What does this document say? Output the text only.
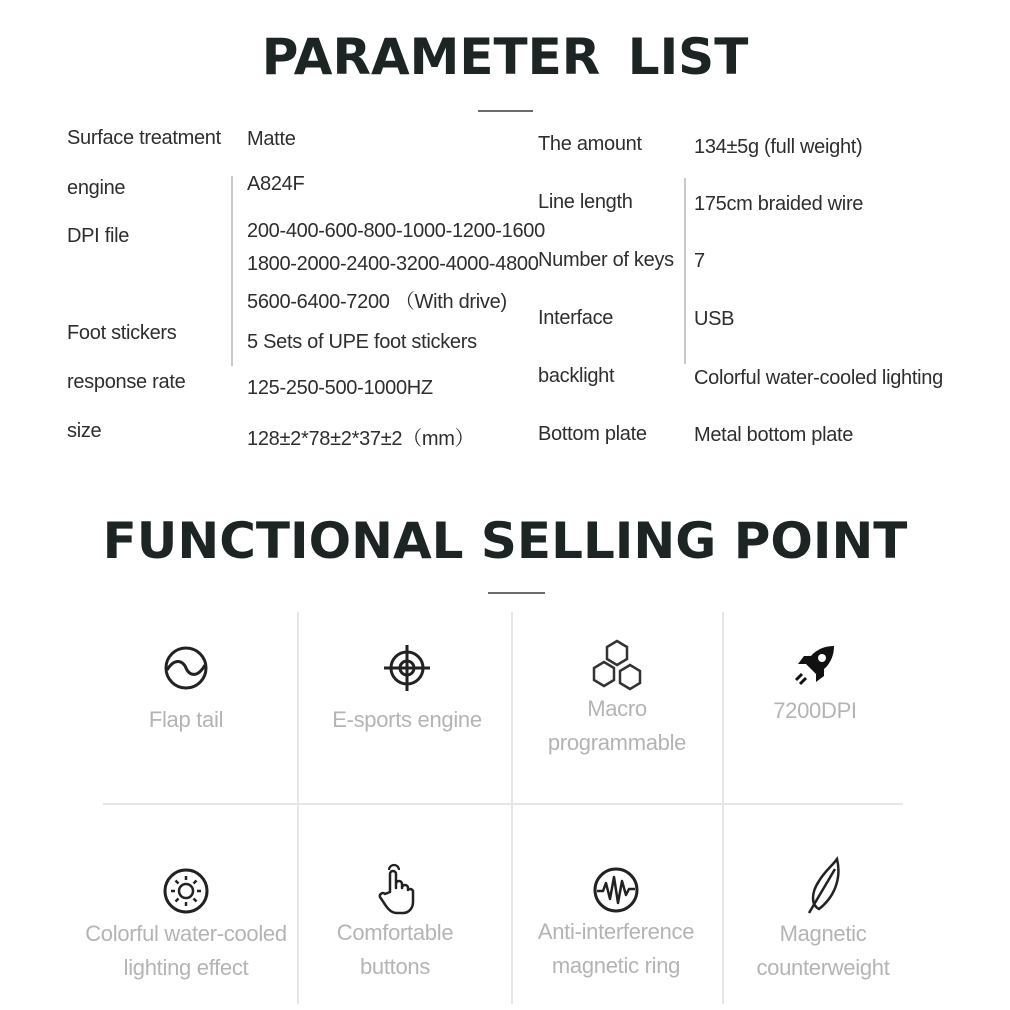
PARAMETER LIST
Surface treatment Matte
engine	A824F
DPI file	200-400-600-800-1000-1200-1600
1800-2000-2400-3200-4000-4800
5600-6400-7200 （With drive)
Foot stickers	5 Sets of UPE foot stickers
response rate	125-250-500-1000HZ
size	128±2*78±2*37±2（mm）
The amount	134±5g (full weight)
Line length	175cm braided wire
Number of keys 7
Interface	USB
backlight	Colorful water-cooled lighting
Bottom plate Metal bottom plate
FUNCTIONAL SELLING POINT
Flap tail	E-sports engine	Macro
programmable
7200DPI
Colorful water-cooled
lighting effect
Comfortable
buttons
Anti-interference
magnetic ring
Magnetic
counterweight
